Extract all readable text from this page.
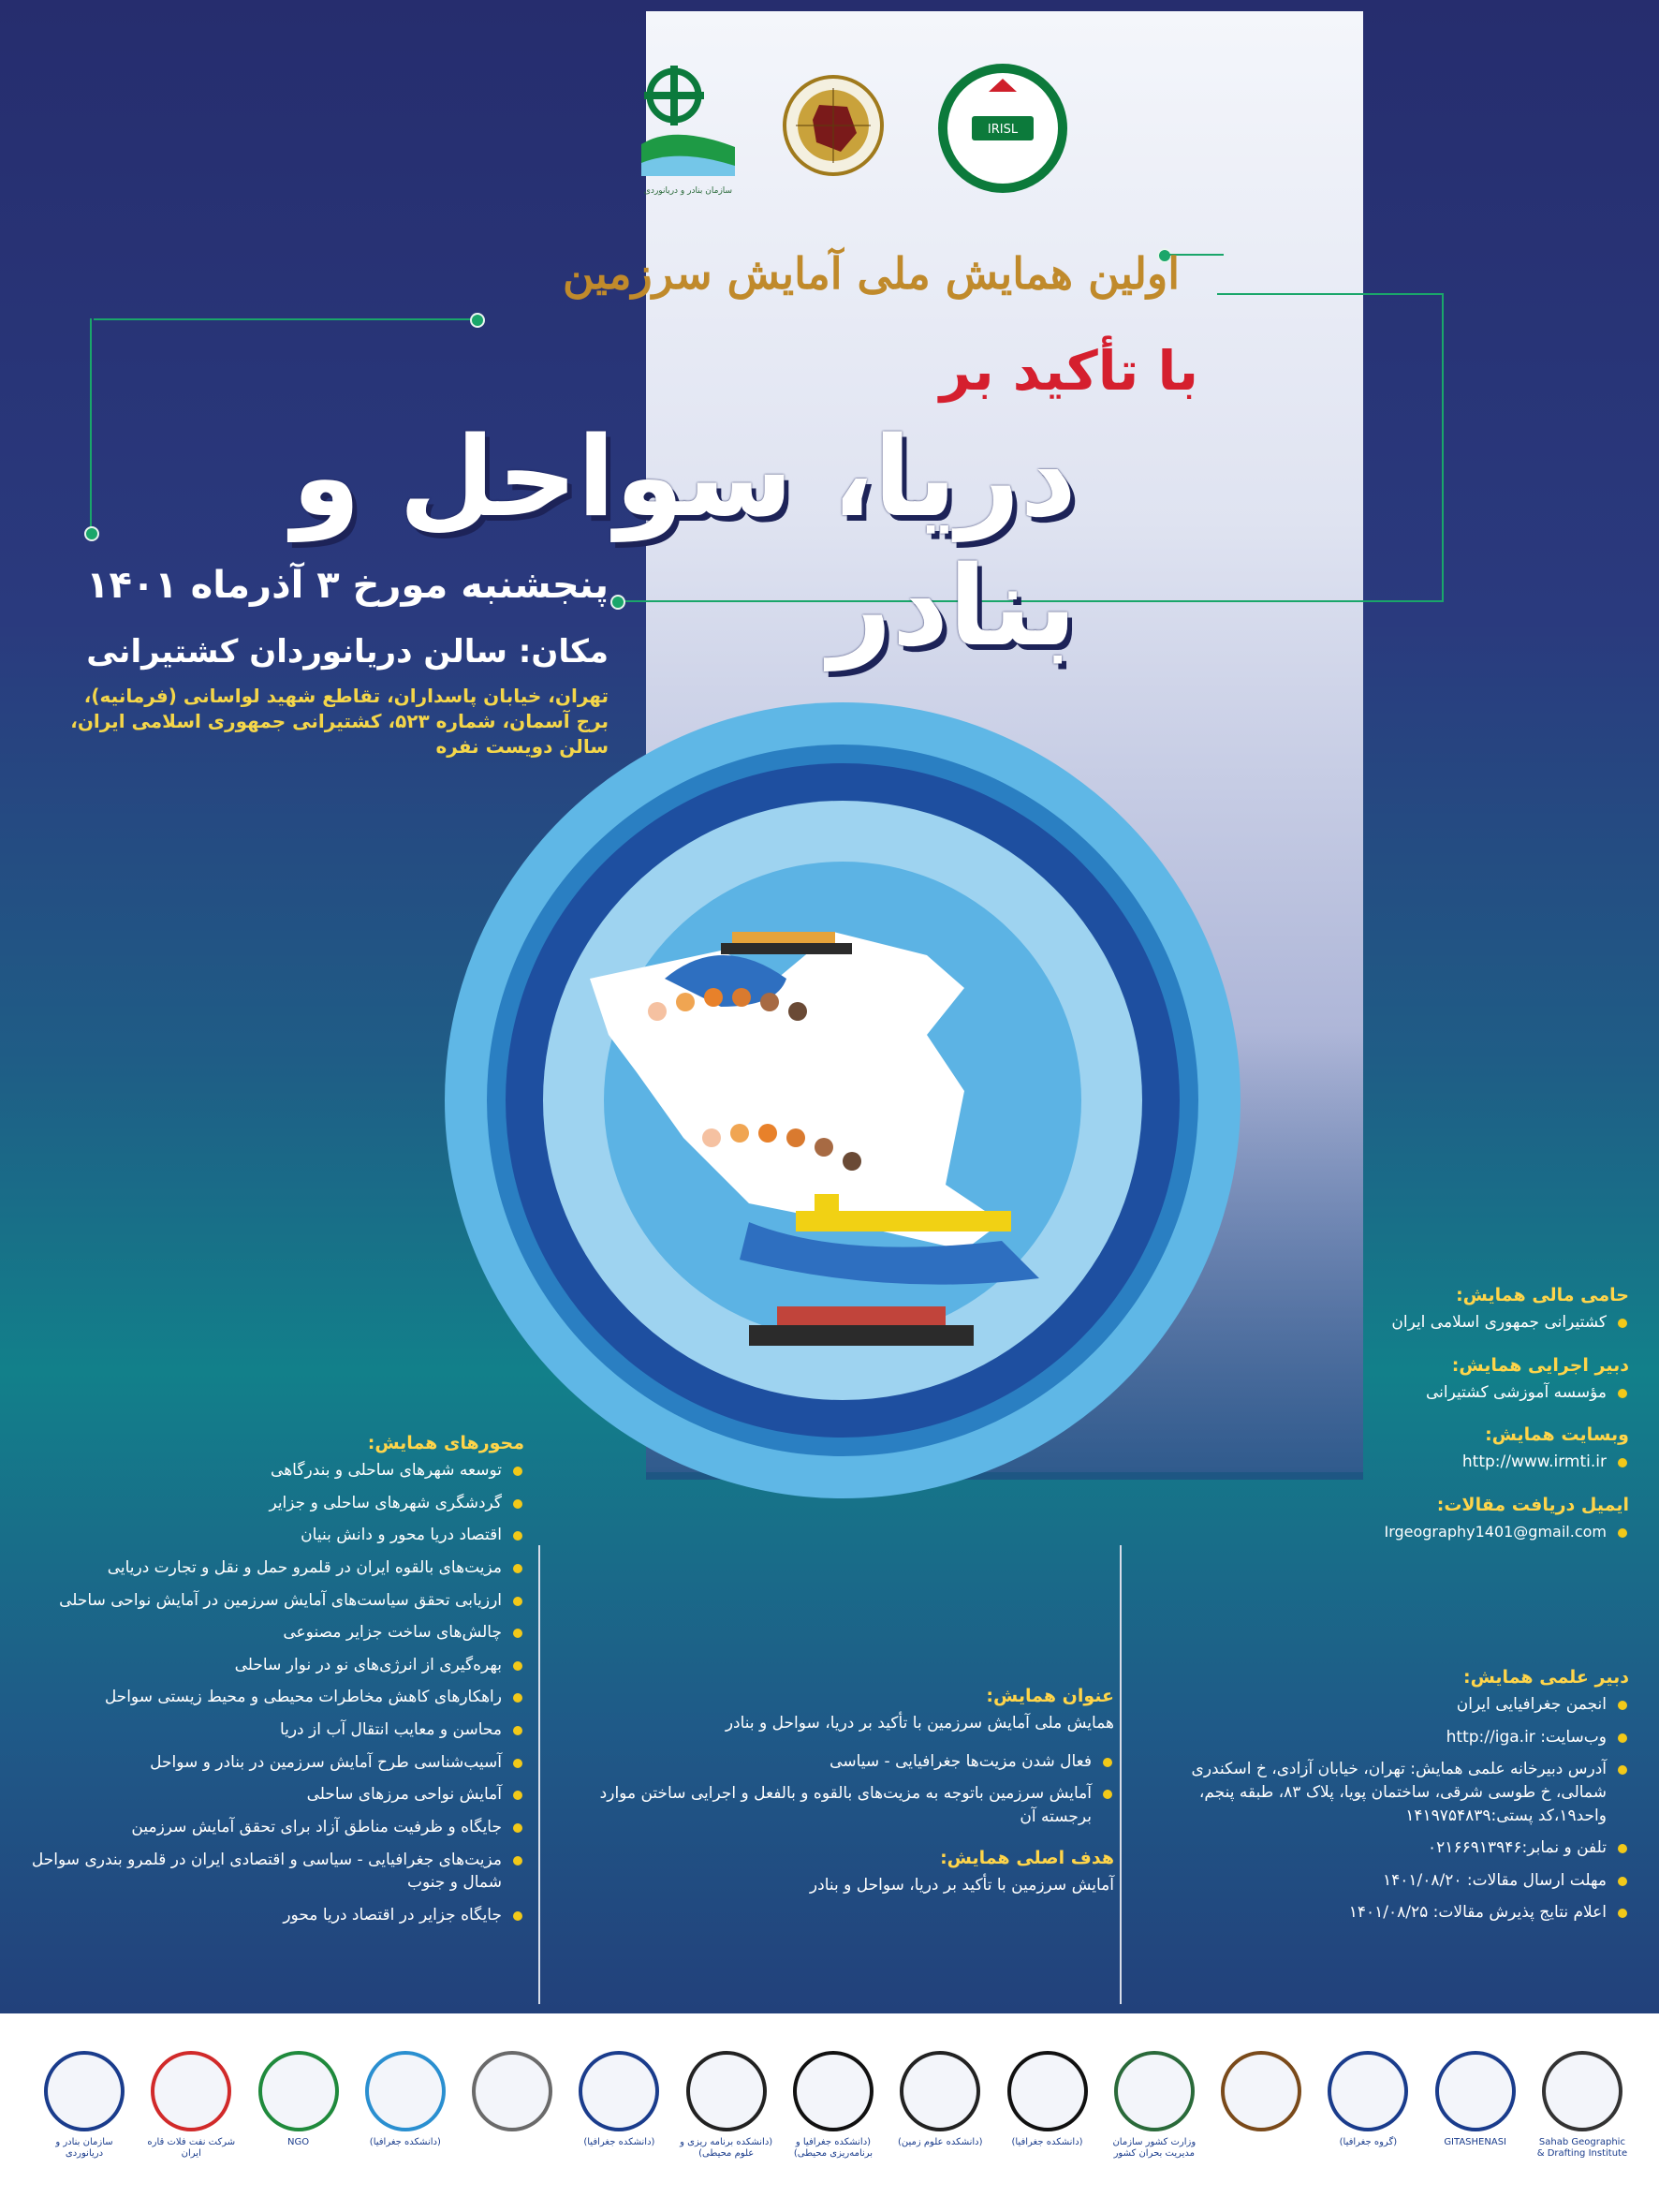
سازمان بنادر و دریانوردی
IRISL
اولین همایش ملی آمایش سرزمین
با تأکید بر
دریا، سواحل و بنادر
پنجشنبه مورخ ۳ آذرماه ۱۴۰۱
مکان: سالن دریانوردان کشتیرانی
تهران، خیابان پاسداران، تقاطع شهید لواسانی (فرمانیه)، برج آسمان، شماره ۵۲۳، کشتیرانی جمهوری اسلامی ایران، سالن دویست نفره
محورهای همایش:
توسعه شهرهای ساحلی و بندرگاهی
گردشگری شهرهای ساحلی و جزایر
اقتصاد دریا محور و دانش بنیان
مزیت‌های بالقوه ایران در قلمرو حمل و نقل و تجارت دریایی
ارزیابی تحقق سیاست‌های آمایش سرزمین در آمایش نواحی ساحلی
چالش‌های ساخت جزایر مصنوعی
بهره‌گیری از انرژی‌های نو در نوار ساحلی
راهکارهای کاهش مخاطرات محیطی و محیط زیستی سواحل
محاسن و معایب انتقال آب از دریا
آسیب‌شناسی طرح آمایش سرزمین در بنادر و سواحل
آمایش نواحی مرزهای ساحلی
جایگاه و ظرفیت مناطق آزاد برای تحقق آمایش سرزمین
مزیت‌های جغرافیایی - سیاسی و اقتصادی ایران در قلمرو بندری سواحل شمال و جنوب
جایگاه جزایر در اقتصاد دریا محور
عنوان همایش:

همایش ملی آمایش سرزمین با تأکید بر دریا، سواحل و بنادر

فعال شدن مزیت‌ها جغرافیایی - سیاسی
آمایش سرزمین باتوجه به مزیت‌های بالقوه و بالفعل و اجرایی ساختن موارد برجسته آن
هدف اصلی همایش:

آمایش سرزمین با تأکید بر دریا، سواحل و بنادر

حامی مالی همایش:
کشتیرانی جمهوری اسلامی ایران
دبیر اجرایی همایش:
مؤسسه آموزشی کشتیرانی
وبسایت همایش:
http://www.irmti.ir
ایمیل دریافت مقالات:
Irgeography1401@gmail.com
دبیر علمی همایش:
انجمن جغرافیایی ایران
وب‌سایت: http://iga.ir
آدرس دبیرخانه علمی همایش: تهران، خیابان آزادی، خ اسکندری شمالی، خ طوسی شرقی، ساختمان پویا، پلاک ۸۳، طبقه پنجم، واحد۱۹،کد پستی:۱۴۱۹۷۵۴۸۳۹
تلفن و نمابر:۰۲۱۶۶۹۱۳۹۴۶
مهلت ارسال مقالات: ۱۴۰۱/۰۸/۲۰
اعلام نتایج پذیرش مقالات: ۱۴۰۱/۰۸/۲۵
سازمان بنادر و دریانوردی
شرکت نفت فلات قاره ایران
NGO	(دانشکده جغرافیا)	(دانشکده جغرافیا)	(دانشکده برنامه ریزی و علوم محیطی)
(دانشکده جغرافیا و برنامه‌ریزی محیطی)
(دانشکده علوم زمین)	(دانشکده جغرافیا)	وزارت کشور سازمان مدیریت بحران کشور
(گروه جغرافیا)	GITASHENASI	Sahab Geographic & Drafting Institute
